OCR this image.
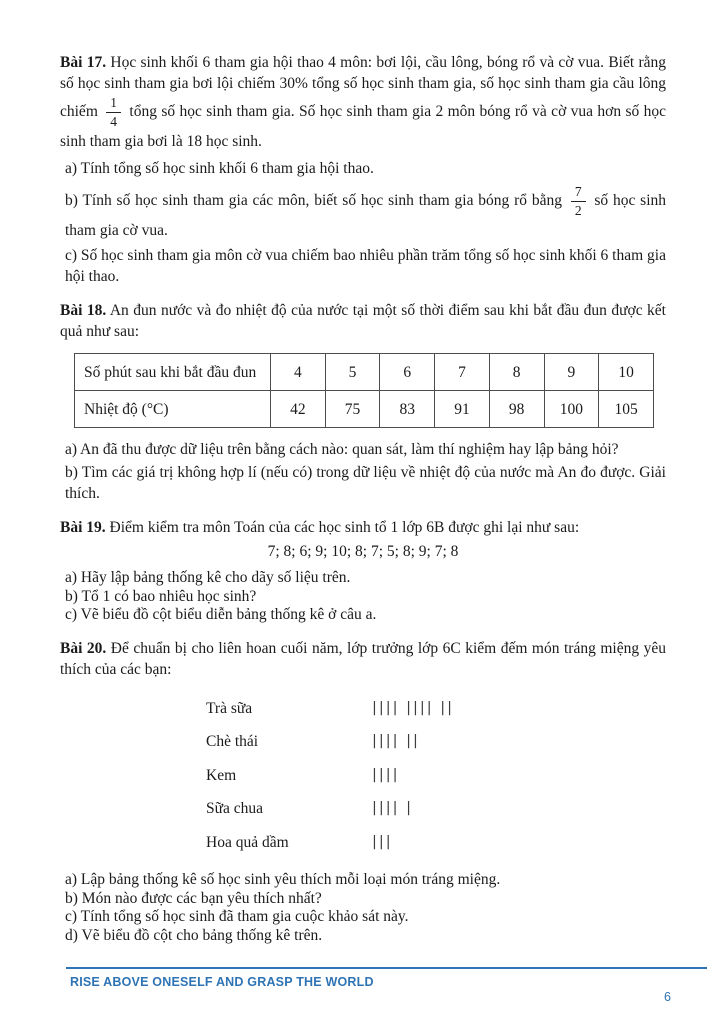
Bài 17. Học sinh khối 6 tham gia hội thao 4 môn: bơi lội, cầu lông, bóng rổ và cờ vua. Biết rằng số học sinh tham gia bơi lội chiếm 30% tổng số học sinh tham gia, số học sinh tham gia cầu lông chiếm $\frac{1}{4}$ tổng số học sinh tham gia. Số học sinh tham gia 2 môn bóng rổ và cờ vua hơn số học sinh tham gia bơi là 18 học sinh.

a) Tính tổng số học sinh khối 6 tham gia hội thao.

b) Tính số học sinh tham gia các môn, biết số học sinh tham gia bóng rổ bằng $\frac{7}{2}$ số học sinh tham gia cờ vua.

c) Số học sinh tham gia môn cờ vua chiếm bao nhiêu phần trăm tổng số học sinh khối 6 tham gia hội thao.

Bài 18. An đun nước và đo nhiệt độ của nước tại một số thời điểm sau khi bắt đầu đun được kết quả như sau:

Số phút sau khi bắt đầu đun	4	5	6	7	8	9	10
Nhiệt độ (°C)	42	75	83	91	98	100	105

a) An đã thu được dữ liệu trên bằng cách nào: quan sát, làm thí nghiệm hay lập bảng hỏi?

b) Tìm các giá trị không hợp lí (nếu có) trong dữ liệu về nhiệt độ của nước mà An đo được. Giải thích.

Bài 19. Điểm kiểm tra môn Toán của các học sinh tổ 1 lớp 6B được ghi lại như sau:

7; 8; 6; 9; 10; 8; 7; 5; 8; 9; 7; 8

a) Hãy lập bảng thống kê cho dãy số liệu trên.
b) Tổ 1 có bao nhiêu học sinh?
c) Vẽ biểu đồ cột biểu diễn bảng thống kê ở câu a.

Bài 20. Để chuẩn bị cho liên hoan cuối năm, lớp trưởng lớp 6C kiểm đếm món tráng miệng yêu thích của các bạn:

Trà sữa	|||| |||| ||
Chè thái	|||| ||
Kem	||||
Sữa chua	|||| |
Hoa quả dầm	|||
a) Lập bảng thống kê số học sinh yêu thích mỗi loại món tráng miệng.
b) Món nào được các bạn yêu thích nhất?
c) Tính tổng số học sinh đã tham gia cuộc khảo sát này.
d) Vẽ biểu đồ cột cho bảng thống kê trên.
RISE ABOVE ONESELF AND GRASP THE WORLD
6
